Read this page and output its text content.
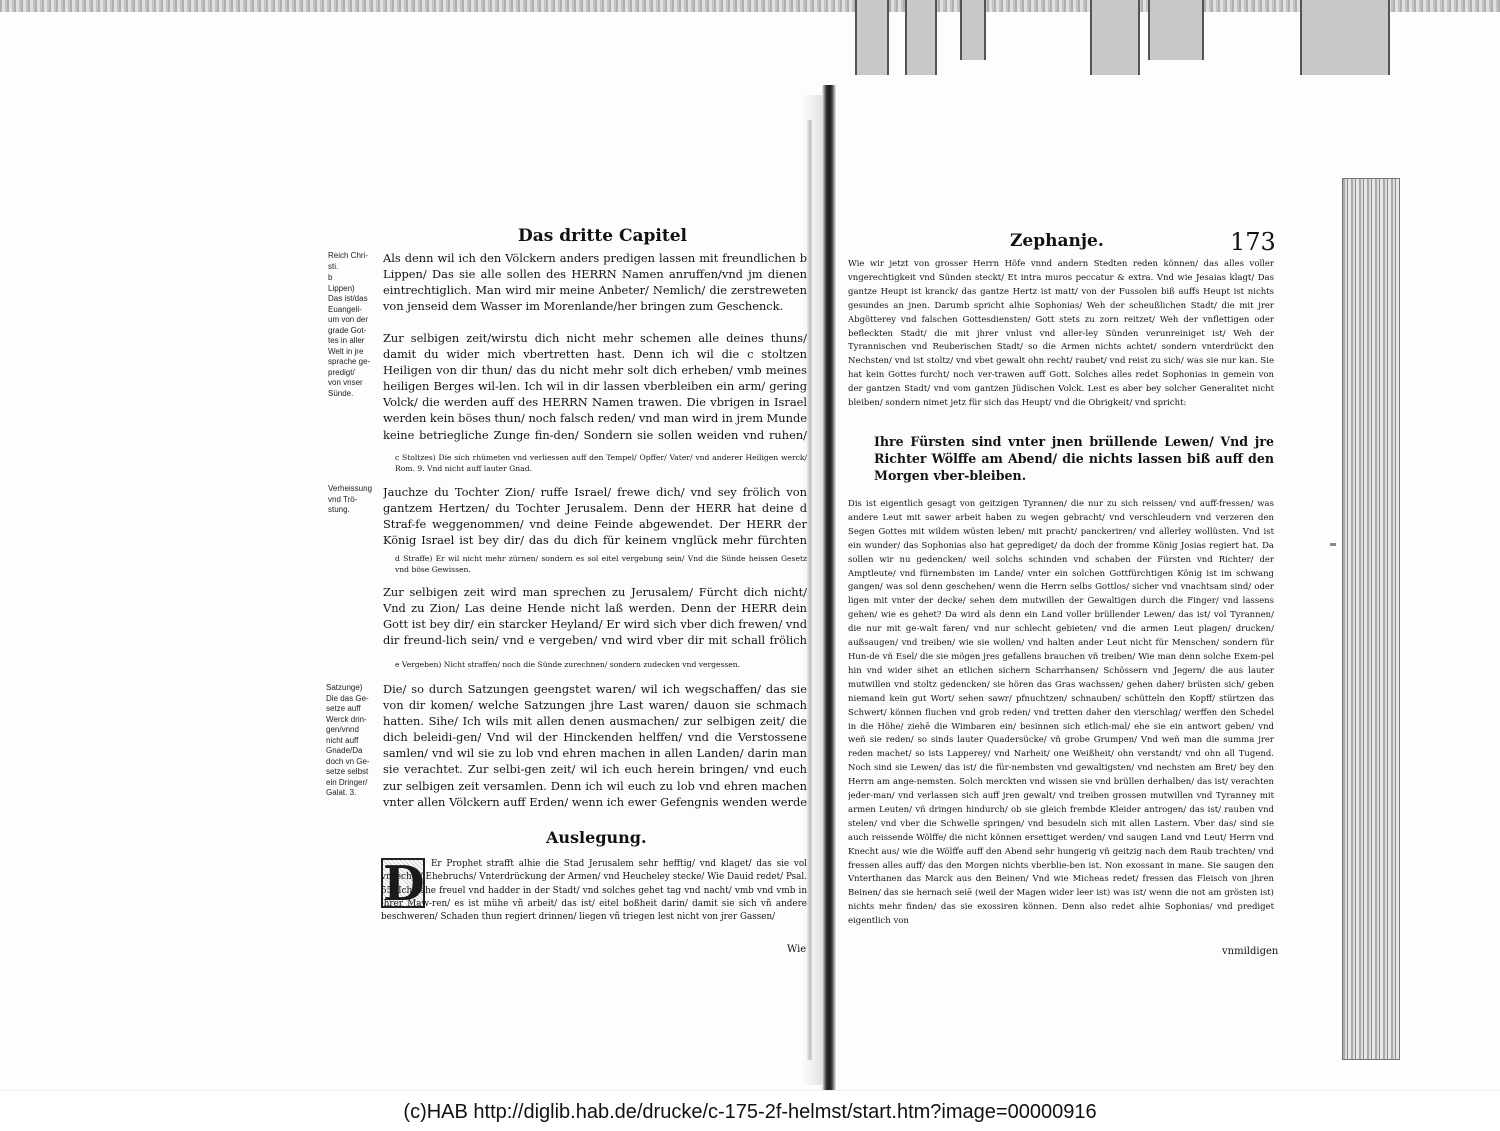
Das dritte Capitel
Reich Chri-
sti.
b
Lippen)
Das ist/das
Euangeli-
um von der
grade Got-
tes in aller
Welt in jre
sprache ge-
predigt/
von vnser
Sünde.
Verheissung
vnd Trö-
stung.
Satzunge)
Die das Ge-
setze auff
Werck drin-
gen/vnnd
nicht auff
Gnade/Da
doch vn Ge-
setze selbst
ein Dringer/
Galat. 3.
Als denn wil ich den Völckern anders predigen lassen mit freundlichen b Lippen/ Das sie alle sollen des HERRN Namen anruffen/vnd jm dienen eintrechtiglich. Man wird mir meine Anbeter/ Nemlich/ die zerstreweten von jenseid dem Wasser im Morenlande/her bringen zum Geschenck.
Zur selbigen zeit/wirstu dich nicht mehr schemen alle deines thuns/ damit du wider mich vbertretten hast. Denn ich wil die c stoltzen Heiligen von dir thun/ das du nicht mehr solt dich erheben/ vmb meines heiligen Berges wil-len. Ich wil in dir lassen vberbleiben ein arm/ gering Volck/ die werden auff des HERRN Namen trawen. Die vbrigen in Israel werden kein böses thun/ noch falsch reden/ vnd man wird in jrem Munde keine betriegliche Zunge fin-den/ Sondern sie sollen weiden vnd ruhen/
c Stoltzes) Die sich rhümeten vnd verliessen auff den Tempel/ Opffer/ Vater/ vnd anderer Heiligen werck/ Rom. 9. Vnd nicht auff lauter Gnad.
Jauchze du Tochter Zion/ ruffe Israel/ frewe dich/ vnd sey frölich von gantzem Hertzen/ du Tochter Jerusalem. Denn der HERR hat deine d Straf-fe weggenommen/ vnd deine Feinde abgewendet. Der HERR der König Israel ist bey dir/ das du dich für keinem vnglück mehr fürchten
d Straffe) Er wil nicht mehr zürnen/ sondern es sol eitel vergebung sein/ Vnd die Sünde heissen Gesetz vnd böse Gewissen.
Zur selbigen zeit wird man sprechen zu Jerusalem/ Fürcht dich nicht/ Vnd zu Zion/ Las deine Hende nicht laß werden. Denn der HERR dein Gott ist bey dir/ ein starcker Heyland/ Er wird sich vber dich frewen/ vnd dir freund-lich sein/ vnd e vergeben/ vnd wird vber dir mit schall frölich
e Vergeben) Nicht straffen/ noch die Sünde zurechnen/ sondern zudecken vnd vergessen.
Die/ so durch Satzungen geengstet waren/ wil ich wegschaffen/ das sie von dir komen/ welche Satzungen jhre Last waren/ dauon sie schmach hatten. Sihe/ Ich wils mit allen denen ausmachen/ zur selbigen zeit/ die dich beleidi-gen/ Vnd wil der Hinckenden helffen/ vnd die Verstossene samlen/ vnd wil sie zu lob vnd ehren machen in allen Landen/ darin man sie verachtet. Zur selbi-gen zeit/ wil ich euch herein bringen/ vnd euch zur selbigen zeit versamlen. Denn ich wil euch zu lob vnd ehren machen vnter allen Völckern auff Erden/ wenn ich ewer Gefengnis wenden werde
Auslegung.
D Er Prophet strafft alhie die Stad Jerusalem sehr hefftig/ vnd klaget/ das sie vol vnrechts/ Ehebruchs/ Vnterdrückung der Armen/ vnd Heucheley stecke/ Wie Dauid redet/ Psal. 55. Ich sehe freuel vnd hadder in der Stadt/ vnd solches gehet tag vnd nacht/ vmb vnd vmb in jhrer Maw-ren/ es ist mühe vñ arbeit/ das ist/ eitel boßheit darin/ damit sie sich vñ andere beschweren/ Schaden thun regiert drinnen/ liegen vñ triegen lest nicht von jrer Gassen/
Wie
Zephanje.	173
Wie wir jetzt von grosser Herrn Höfe vnnd andern Stedten reden können/ das alles voller vngerechtigkeit vnd Sünden steckt/ Et intra muros peccatur & extra. Vnd wie Jesaias klagt/ Das gantze Heupt ist kranck/ das gantze Hertz ist matt/ von der Fussolen biß auffs Heupt ist nichts gesundes an jnen. Darumb spricht alhie Sophonias/ Weh der scheußlichen Stadt/ die mit jrer Abgötterey vnd falschen Gottesdiensten/ Gott stets zu zorn reitzet/ Weh der vnflettigen oder befleckten Stadt/ die mit jhrer vnlust vnd aller-ley Sünden verunreiniget ist/ Weh der Tyrannischen vnd Reuberischen Stadt/ so die Armen nichts achtet/ sondern vnterdrückt den Nechsten/ vnd ist stoltz/ vnd vbet gewalt ohn recht/ raubet/ vnd reist zu sich/ was sie nur kan. Sie hat kein Gottes furcht/ noch ver-trawen auff Gott. Solches alles redet Sophonias in gemein von der gantzen Stadt/ vnd vom gantzen Jüdischen Volck. Lest es aber bey solcher Generalitet nicht bleiben/ sondern nimet jetz für sich das Heupt/ vnd die Obrigkeit/ vnd spricht:
Ihre Fürsten sind vnter jnen brüllende Lewen/ Vnd jre Richter Wölffe am Abend/ die nichts lassen biß auff den Morgen vber-bleiben.
Dis ist eigentlich gesagt von geitzigen Tyrannen/ die nur zu sich reissen/ vnd auff-fressen/ was andere Leut mit sawer arbeit haben zu wegen gebracht/ vnd verschleudern vnd verzeren den Segen Gottes mit wildem wüsten leben/ mit pracht/ panckeriren/ vnd allerley wollüsten. Vnd ist ein wunder/ das Sophonias also hat geprediget/ da doch der fromme König Josias regiert hat. Da sollen wir nu gedencken/ weil solchs schinden vnd schaben der Fürsten vnd Richter/ der Amptleute/ vnd fürnembsten im Lande/ vnter ein solchen Gottfürchtigen König ist im schwang gangen/ was sol denn geschehen/ wenn die Herrn selbs Gottlos/ sicher vnd vnachtsam sind/ oder ligen mit vnter der decke/ sehen dem mutwillen der Gewaltigen durch die Finger/ vnd lassens gehen/ wie es gehet? Da wird als denn ein Land voller brüllender Lewen/ das ist/ vol Tyrannen/ die nur mit ge-walt faren/ vnd nur schlecht gebieten/ vnd die armen Leut plagen/ drucken/ außsaugen/ vnd treiben/ wie sie wollen/ vnd halten ander Leut nicht für Menschen/ sondern für Hun-de vñ Esel/ die sie mögen jres gefallens brauchen vñ treiben/ Wie man denn solche Exem-pel hin vnd wider sihet an etlichen sichern Scharrhansen/ Schössern vnd Jegern/ die aus lauter mutwillen vnd stoltz gedencken/ sie hören das Gras wachssen/ gehen daher/ brüsten sich/ geben niemand kein gut Wort/ sehen sawr/ pfnuchtzen/ schnauben/ schütteln den Kopff/ stürtzen das Schwert/ können fluchen vnd grob reden/ vnd tretten daher den vierschlag/ werffen den Schedel in die Höhe/ ziehē die Wimbaren ein/ besinnen sich etlich-mal/ ehe sie ein antwort geben/ vnd weñ sie reden/ so sinds lauter Quadersücke/ vñ grobe Grumpen/ Vnd weñ man die summa jrer reden machet/ so ists Lapperey/ vnd Narheit/ one Weißheit/ ohn verstandt/ vnd ohn all Tugend. Noch sind sie Lewen/ das ist/ die für-nembsten vnd gewaltigsten/ vnd nechsten am Bret/ bey den Herrn am ange-nemsten. Solch merckten vnd wissen sie vnd brüllen derhalben/ das ist/ verachten jeder-man/ vnd verlassen sich auff jren gewalt/ vnd treiben grossen mutwillen vnd Tyranney mit armen Leuten/ vñ dringen hindurch/ ob sie gleich frembde Kleider antrogen/ das ist/ rauben vnd stelen/ vnd vber die Schwelle springen/ vnd besudeln sich mit allen Lastern. Vber das/ sind sie auch reissende Wölffe/ die nicht können ersettiget werden/ vnd saugen Land vnd Leut/ Herrn vnd Knecht aus/ wie die Wölffe auff den Abend sehr hungerig vñ geitzig nach dem Raub trachten/ vnd fressen alles auff/ das den Morgen nichts vberblie-ben ist. Non exossant in mane. Sie saugen den Vnterthanen das Marck aus den Beinen/ Vnd wie Micheas redet/ fressen das Fleisch von jhren Beinen/ das sie hernach seiē (weil der Magen wider leer ist) was ist/ wenn die not am grösten ist) nichts mehr finden/ das sie exossiren können. Denn also redet alhie Sophonias/ vnd prediget eigentlich von
vnmildigen
(c)HAB http://diglib.hab.de/drucke/c-175-2f-helmst/start.htm?image=00000916
